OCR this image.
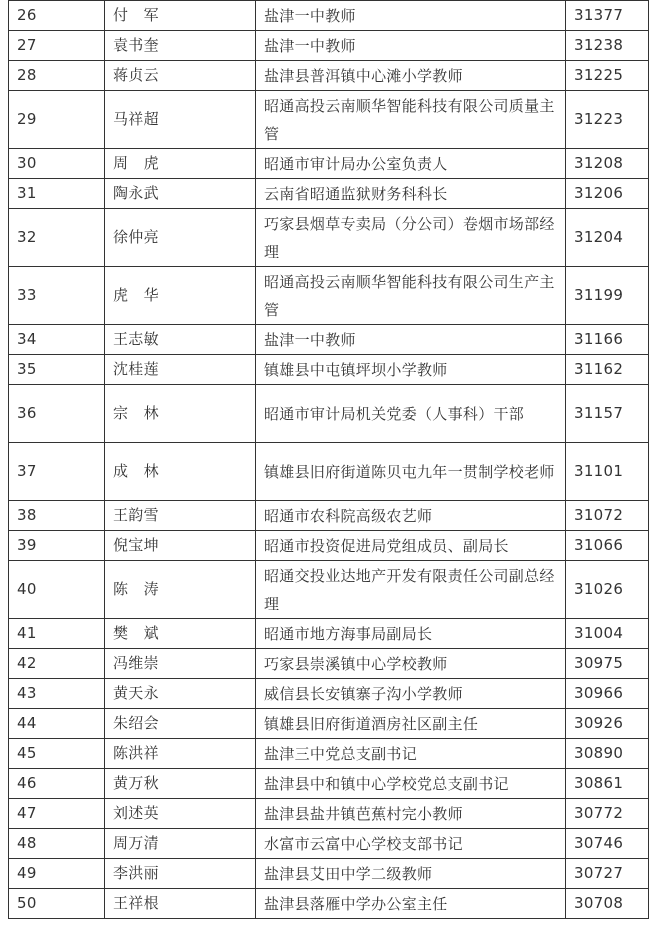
26	付　军	盐津一中教师	31377
27	袁书奎	盐津一中教师	31238
28	蒋贞云	盐津县普洱镇中心滩小学教师	31225
29	马祥超	昭通高投云南顺华智能科技有限公司质量主管	31223
30	周　虎	昭通市审计局办公室负责人	31208
31	陶永武	云南省昭通监狱财务科科长	31206
32	徐仲亮	巧家县烟草专卖局（分公司）卷烟市场部经理	31204
33	虎　华	昭通高投云南顺华智能科技有限公司生产主管	31199
34	王志敏	盐津一中教师	31166
35	沈桂莲	镇雄县中屯镇坪坝小学教师	31162
36	宗　林	昭通市审计局机关党委（人事科）干部	31157
37	成　林	镇雄县旧府街道陈贝屯九年一贯制学校老师	31101
38	王韵雪	昭通市农科院高级农艺师	31072
39	倪宝坤	昭通市投资促进局党组成员、副局长	31066
40	陈　涛	昭通交投业达地产开发有限责任公司副总经理	31026
41	樊　斌	昭通市地方海事局副局长	31004
42	冯维崇	巧家县崇溪镇中心学校教师	30975
43	黄天永	威信县长安镇寨子沟小学教师	30966
44	朱绍会	镇雄县旧府街道酒房社区副主任	30926
45	陈洪祥	盐津三中党总支副书记	30890
46	黄万秋	盐津县中和镇中心学校党总支副书记	30861
47	刘述英	盐津县盐井镇芭蕉村完小教师	30772
48	周万清	水富市云富中心学校支部书记	30746
49	李洪丽	盐津县艾田中学二级教师	30727
50	王祥根	盐津县落雁中学办公室主任	30708
